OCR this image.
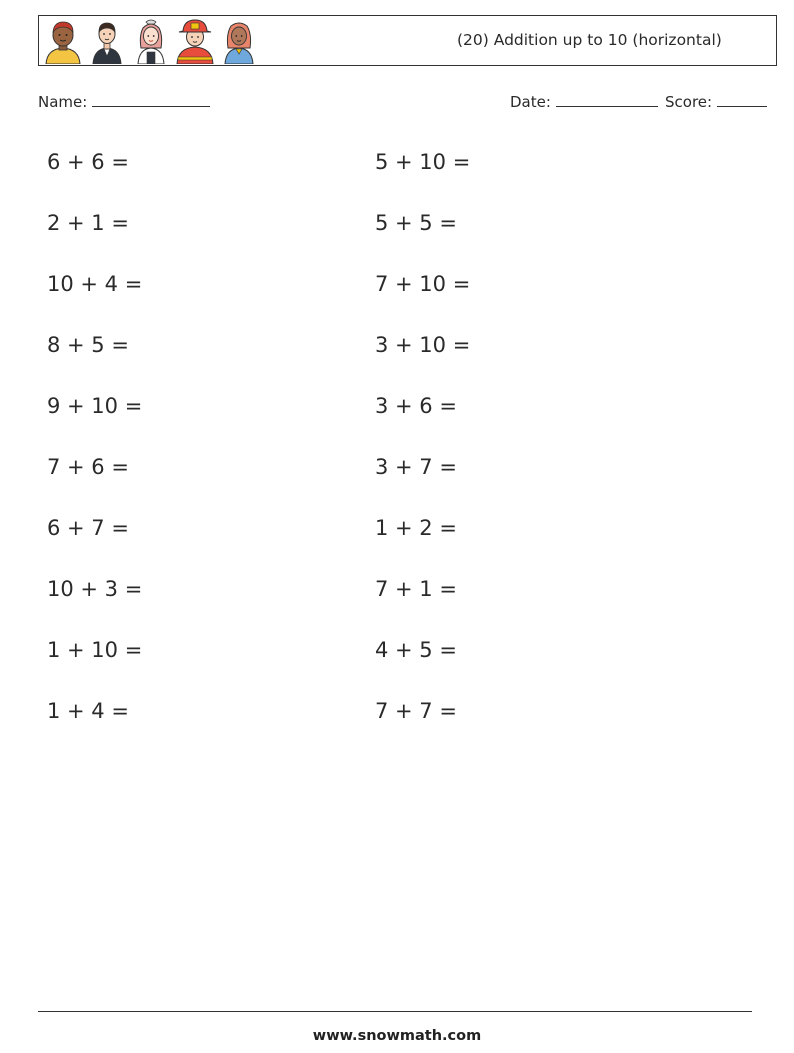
(20) Addition up to 10 (horizontal)
Name:	Date:	Score:
6 + 6 =
2 + 1 =
10 + 4 =
8 + 5 =
9 + 10 =
7 + 6 =
6 + 7 =
10 + 3 =
1 + 10 =
1 + 4 =
5 + 10 =
5 + 5 =
7 + 10 =
3 + 10 =
3 + 6 =
3 + 7 =
1 + 2 =
7 + 1 =
4 + 5 =
7 + 7 =
www.snowmath.com
